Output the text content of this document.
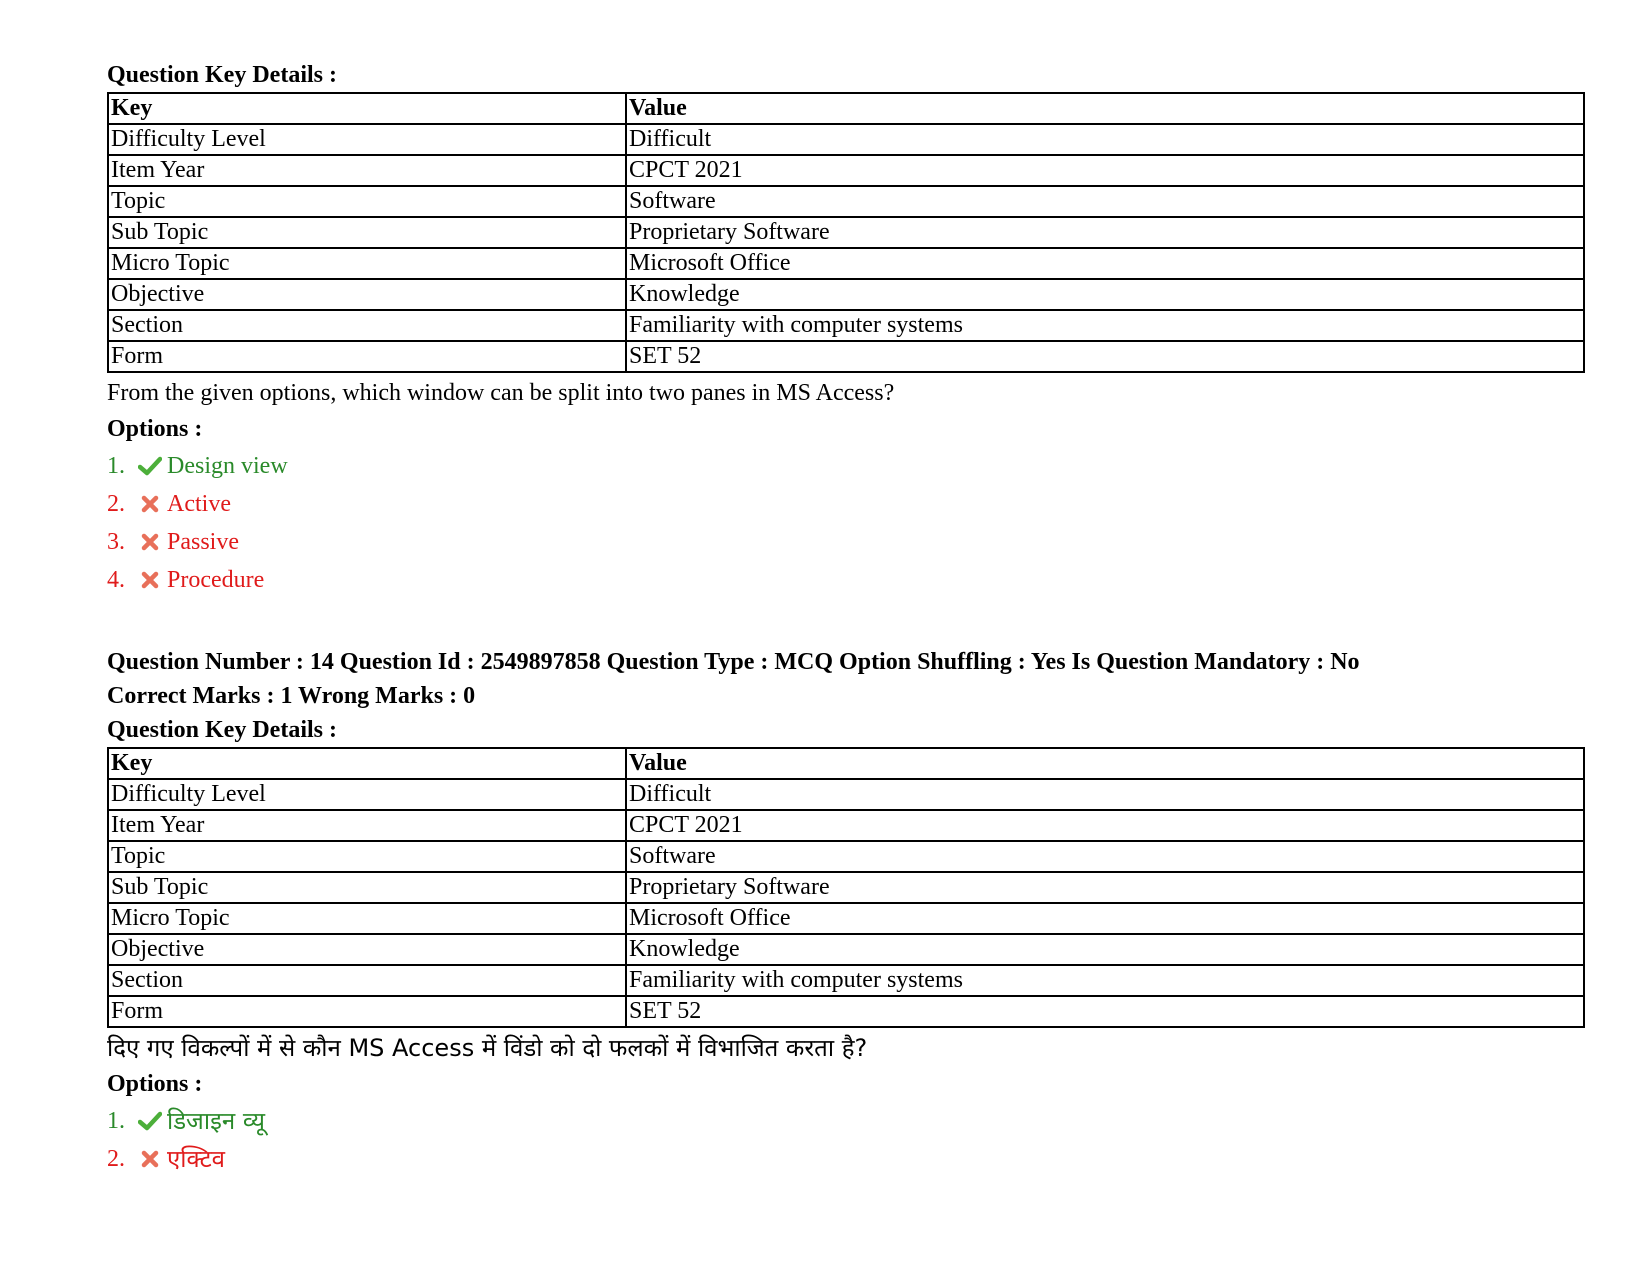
Question Key Details :
Key	Value
Difficulty Level	Difficult
Item Year	CPCT 2021
Topic	Software
Sub Topic	Proprietary Software
Micro Topic	Microsoft Office
Objective	Knowledge
Section	Familiarity with computer systems
Form	SET 52
From the given options, which window can be split into two panes in MS Access?
Options :
1.	Design view
2.	Active
3.	Passive
4.	Procedure
Question Number : 14 Question Id : 2549897858 Question Type : MCQ Option Shuffling : Yes Is Question Mandatory : No
Correct Marks : 1 Wrong Marks : 0
Question Key Details :
Key	Value
Difficulty Level	Difficult
Item Year	CPCT 2021
Topic	Software
Sub Topic	Proprietary Software
Micro Topic	Microsoft Office
Objective	Knowledge
Section	Familiarity with computer systems
Form	SET 52
दिए गए विकल्पों में से कौन MS Access में विंडो को दो फलकों में विभाजित करता है?
Options :
1.	डिजाइन व्यू
2.	एक्टिव
